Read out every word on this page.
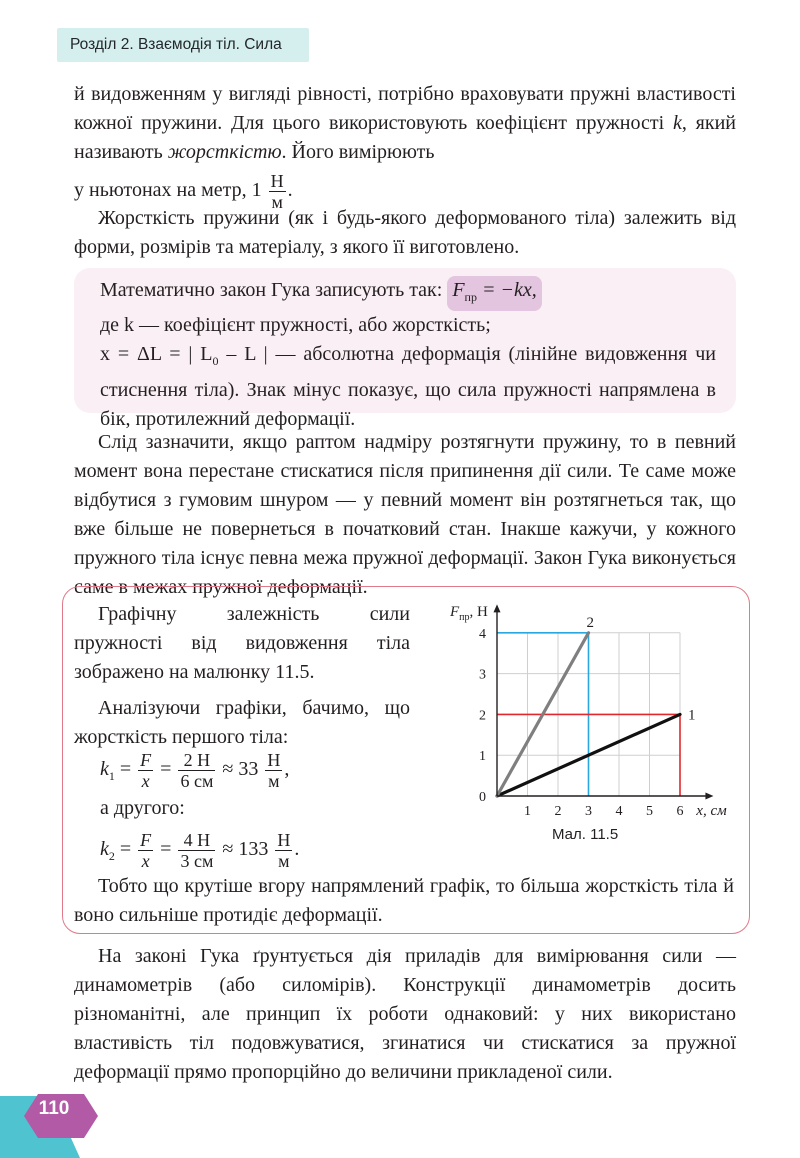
Розділ 2. Взаємодія тіл. Сила
й видовженням у вигляді рівності, потрібно враховувати пружні властивості кожної пружини. Для цього використовують коефіцієнт пружності k, який називають жорсткістю. Його вимірюють
у ньютонах на метр, $1 \frac{Н}{м}$ .
Жорсткість пружини (як і будь-якого деформованого тіла) залежить від форми, розмірів та матеріалу, з якого її виготовлено.

Математично закон Гука записують так: $F_{пр} = -kx$,

де k — коефіцієнт пружності, або жорсткість;

x = ΔL = | $L_0$ – L | — абсолютна деформація (лінійне видовження чи стиснення тіла). Знак мінус показує, що сила пружності напрямлена в бік, протилежний деформації.

Слід зазначити, якщо раптом надміру розтягнути пружину, то в певний момент вона перестане стискатися після припинення дії сили. Те саме може відбутися з гумовим шнуром — у певний момент він розтягнеться так, що вже більше не повернеться в початковий стан. Інакше кажучи, у кожного пружного тіла існує певна межа пружної деформації. Закон Гука виконується саме в межах пружної деформації.
Графічну залежність сили пружності від видовження тіла зображено на малюнку 11.5.
Аналізуючи графіки, бачимо, що жорсткість першого тіла:
$k_1 = \frac{F}{x} = \frac{2 Н}{6 см} \approx 33 \frac{Н}{м}$ ,
а другого:
$k_2 = \frac{F}{x} = \frac{4 Н}{3 см} \approx 133 \frac{Н}{м}$ .
Тобто що крутіше вгору напрямлений графік, то більша жорсткість тіла й воно сильніше протидіє деформації.
1
2
1 2 3 4 5 6
1
2
3
4
0
$F_{пр}$, Н
x, см
Мал. 11.5
На законі Гука ґрунтується дія приладів для вимірювання сили — динамометрів (або силомірів). Конструкції динамометрів досить різноманітні, але принцип їх роботи однаковий: у них використано властивість тіл подовжуватися, згинатися чи стискатися за пружної деформації прямо пропорційно до величини прикладеної сили.
110
